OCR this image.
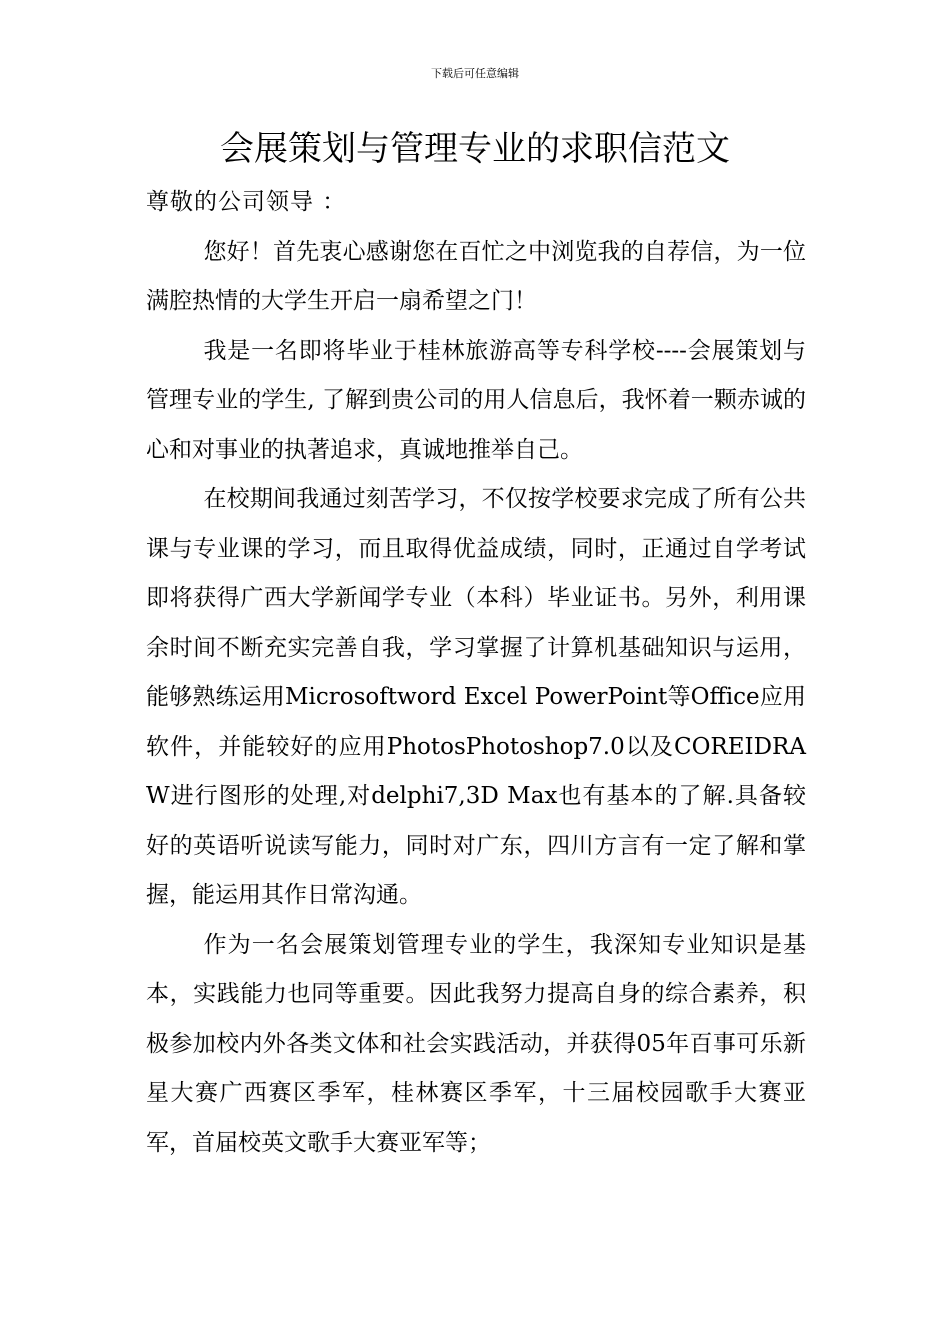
下载后可任意编辑
会展策划与管理专业的求职信范文

尊敬的公司领导 ：

您好！首先衷心感谢您在百忙之中浏览我的自荐信，为一位满腔热情的大学生开启一扇希望之门！

我是一名即将毕业于桂林旅游高等专科学校----会展策划与管理专业的学生, 了解到贵公司的用人信息后，我怀着一颗赤诚的心和对事业的执著追求，真诚地推举自己。

在校期间我通过刻苦学习，不仅按学校要求完成了所有公共课与专业课的学习，而且取得优益成绩，同时，正通过自学考试即将获得广西大学新闻学专业（本科）毕业证书。另外，利用课余时间不断充实完善自我，学习掌握了计算机基础知识与运用，能够熟练运用Microsoftword Excel PowerPoint等Office应用软件，并能较好的应用PhotosPhotoshop7.0以及COREIDRAW进行图形的处理,对delphi7,3D Max也有基本的了解.具备较好的英语听说读写能力，同时对广东，四川方言有一定了解和掌握，能运用其作日常沟通。

作为一名会展策划管理专业的学生，我深知专业知识是基本，实践能力也同等重要。因此我努力提高自身的综合素养，积极参加校内外各类文体和社会实践活动，并获得05年百事可乐新星大赛广西赛区季军，桂林赛区季军，十三届校园歌手大赛亚军，首届校英文歌手大赛亚军等；
